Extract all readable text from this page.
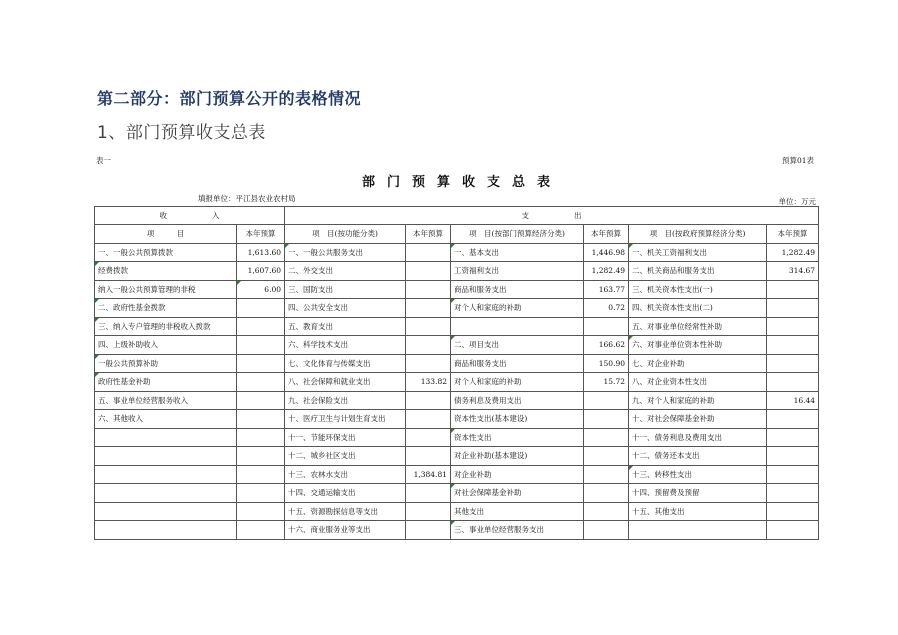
第二部分：部门预算公开的表格情况
1、部门预算收支总表
表一	预算01表
部门预算收支总表
填报单位：平江县农业农村局	单位：万元
收　　　　　　入		支　　　　　　出					
项　　　目	本年预算	项　目(按功能分类)	本年预算	项　目(按部门预算经济分类)	本年预算	项　目(按政府预算经济分类)	本年预算
一、一般公共预算拨款	1,613.60	一、一般公共服务支出		一、基本支出	1,446.98	一、机关工资福利支出	1,282.49
经费拨款	1,607.60	二、外交支出		工资福利支出	1,282.49	二、机关商品和服务支出	314.67
纳入一般公共预算管理的非税	6.00	三、国防支出		商品和服务支出	163.77	三、机关资本性支出(一)	
二、政府性基金拨款		四、公共安全支出		对个人和家庭的补助	0.72	四、机关资本性支出(二)	
三、纳入专户管理的非税收入拨款		五、教育支出				五、对事业单位经常性补助	
四、上级补助收入		六、科学技术支出		二、项目支出	166.62	六、对事业单位资本性补助	
一般公共预算补助		七、文化体育与传媒支出		商品和服务支出	150.90	七、对企业补助	
政府性基金补助		八、社会保障和就业支出	133.82	对个人和家庭的补助	15.72	八、对企业资本性支出	
五、事业单位经营服务收入		九、社会保险支出		债务利息及费用支出		九、对个人和家庭的补助	16.44
六、其他收入		十、医疗卫生与计划生育支出		资本性支出(基本建设)		十、对社会保障基金补助	
		十一、节能环保支出		资本性支出		十一、债务利息及费用支出	
		十二、城乡社区支出		对企业补助(基本建设)		十二、债务还本支出	
		十三、农林水支出	1,384.81	对企业补助		十三、转移性支出	
		十四、交通运输支出		对社会保障基金补助		十四、预留费及预留	
		十五、资源勘探信息等支出		其他支出		十五、其他支出	
		十六、商业服务业等支出		三、事业单位经营服务支出			
